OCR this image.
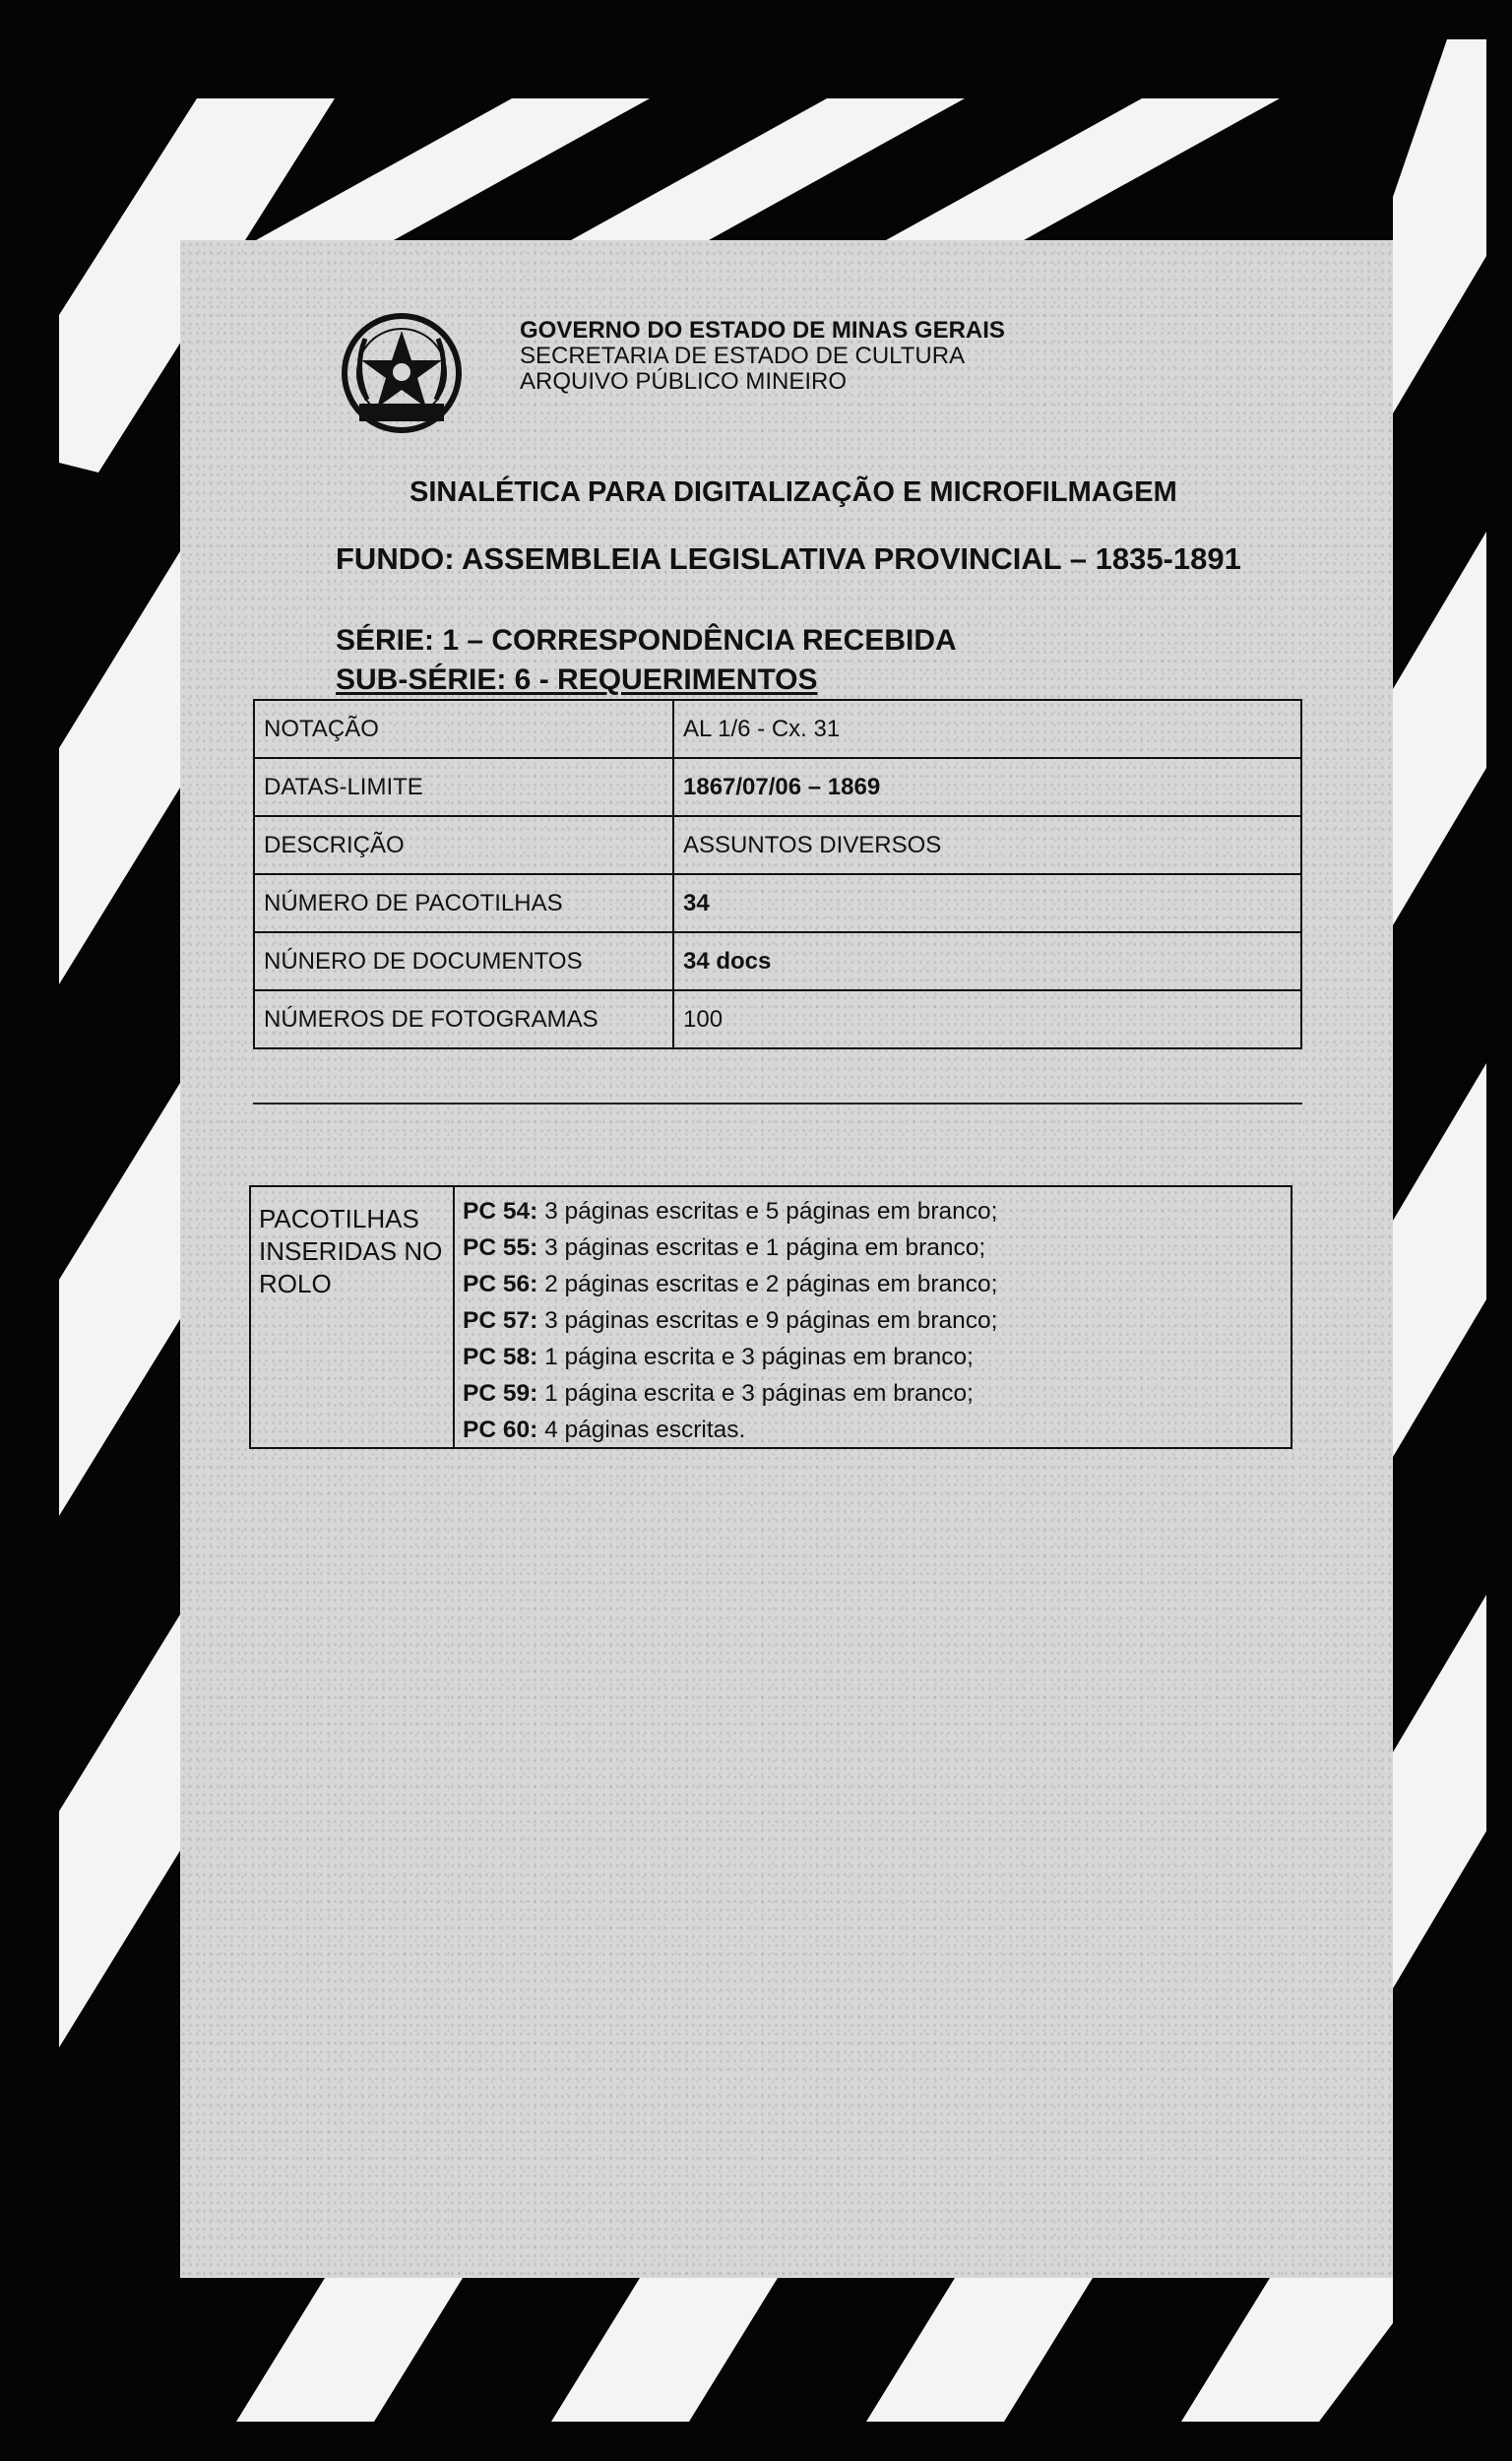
GOVERNO DO ESTADO DE MINAS GERAIS
SECRETARIA DE ESTADO DE CULTURA
ARQUIVO PÚBLICO MINEIRO
SINALÉTICA PARA DIGITALIZAÇÃO E MICROFILMAGEM
FUNDO: ASSEMBLEIA LEGISLATIVA PROVINCIAL – 1835-1891
SÉRIE: 1 – CORRESPONDÊNCIA RECEBIDA
SUB-SÉRIE: 6 - REQUERIMENTOS
NOTAÇÃO	AL 1/6 - Cx. 31
DATAS-LIMITE	1867/07/06 – 1869
DESCRIÇÃO	ASSUNTOS DIVERSOS
NÚMERO DE PACOTILHAS	34
NÚNERO DE DOCUMENTOS	34 docs
NÚMEROS DE FOTOGRAMAS	100
PACOTILHAS INSERIDAS NO ROLO
PC 54: 3 páginas escritas e 5 páginas em branco;
PC 55: 3 páginas escritas e 1 página em branco;
PC 56: 2 páginas escritas e 2 páginas em branco;
PC 57: 3 páginas escritas e 9 páginas em branco;
PC 58: 1 página escrita e 3 páginas em branco;
PC 59: 1 página escrita e 3 páginas em branco;
PC 60: 4 páginas escritas.
